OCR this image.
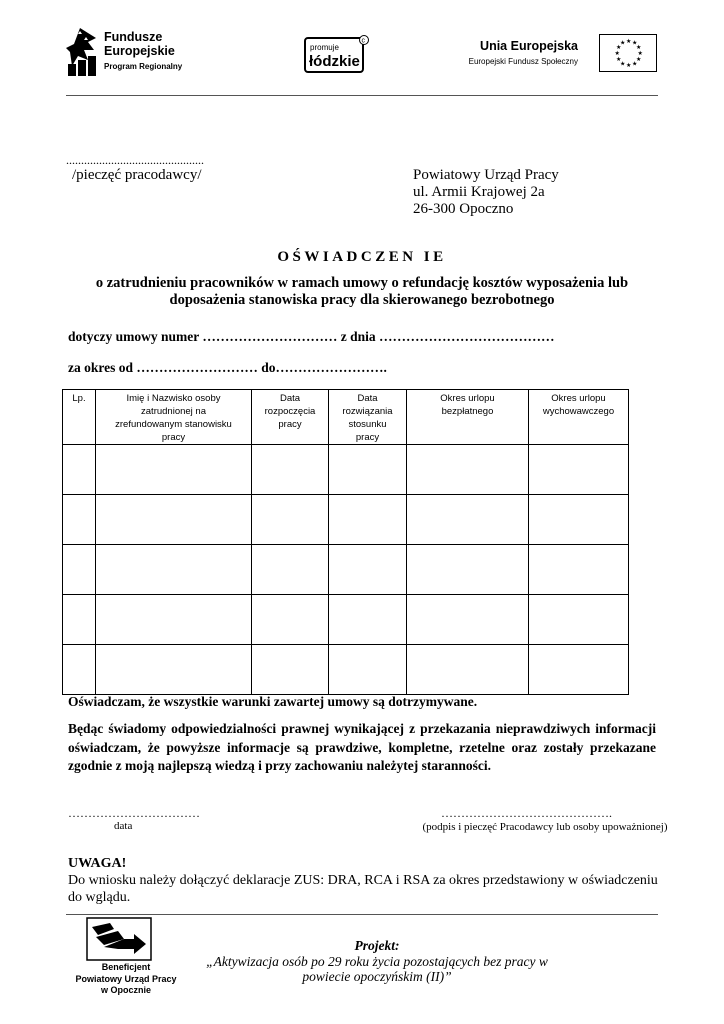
Fundusze
Europejskie
Program Regionalny
promuje
łódzkie
c	Unia Europejska
Europejski Fundusz Społeczny
★ ★
★
★
★
★
★
★
★
★
★
★
..............................................
/pieczęć pracodawcy/	Powiatowy Urząd Pracy
ul. Armii Krajowej 2a
26-300 Opoczno
OŚWIADCZEN IE
o zatrudnieniu pracowników w ramach umowy o refundację kosztów wyposażenia lub doposażenia stanowiska pracy dla skierowanego bezrobotnego
dotyczy umowy numer ………………………… z dnia …………………………………
za okres od ……………………… do…………………….
Lp.	Imię i Nazwisko osoby zatrudnionej na zrefundowanym stanowisku pracy	Data rozpoczęcia pracy	Data rozwiązania stosunku pracy	Okres urlopu bezpłatnego	Okres urlopu wychowawczego

Oświadczam, że wszystkie warunki zawartej umowy są dotrzymywane.
Będąc świadomy odpowiedzialności prawnej wynikającej z przekazania nieprawdziwych informacji oświadczam, że powyższe informacje są prawdziwe, kompletne, rzetelne oraz zostały przekazane zgodnie z moją najlepszą wiedzą i przy zachowaniu należytej staranności.
……………………………
data
…………………………………….
(podpis i pieczęć Pracodawcy lub osoby upoważnionej)
UWAGA!
Do wniosku należy dołączyć deklaracje ZUS: DRA, RCA i RSA za okres przedstawiony w oświadczeniu do wglądu.
Beneficjent
Powiatowy Urząd Pracy
w Opocznie
Projekt:
„Aktywizacja osób po 29 roku życia pozostających bez pracy w powiecie opoczyńskim (II)”
